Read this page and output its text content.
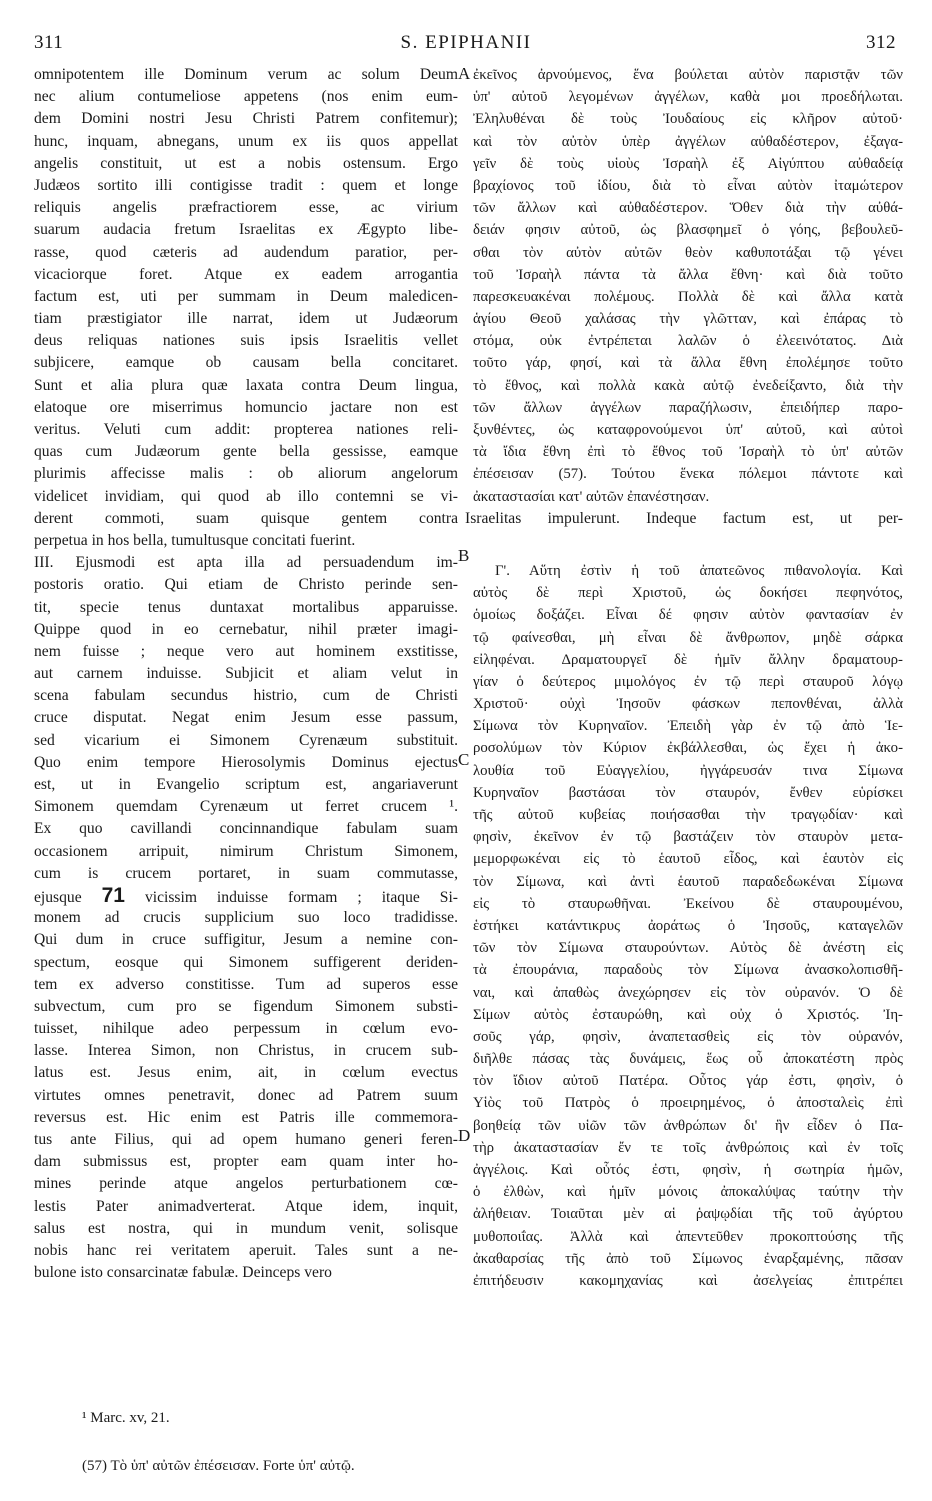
311	S. EPIPHANII	312
A
B
C
D
omnipotentem ille Dominum verum ac solum Deum
nec alium contumeliose appetens (nos enim eum-
dem Domini nostri Jesu Christi Patrem confitemur);
hunc, inquam, abnegans, unum ex iis quos appellat
angelis constituit, ut est a nobis ostensum. Ergo
Judæos sortito illi contigisse tradit : quem et longe
reliquis angelis præfractiorem esse, ac virium
suarum audacia fretum Israelitas ex Ægypto libe-
rasse, quod cæteris ad audendum paratior, per-
vicaciorque foret. Atque ex eadem arrogantia
factum est, uti per summam in Deum maledicen-
tiam præstigiator ille narrat, idem ut Judæorum
deus reliquas nationes suis ipsis Israelitis vellet
subjicere, eamque ob causam bella concitaret.
Sunt et alia plura quæ laxata contra Deum lingua,
elatoque ore miserrimus homuncio jactare non est
veritus. Veluti cum addit: propterea nationes reli-
quas cum Judæorum gente bella gessisse, eamque
plurimis affecisse malis : ob aliorum angelorum
videlicet invidiam, qui quod ab illo contemni se vi-
derent commoti, suam quisque gentem contra
perpetua in hos bella, tumultusque concitati fuerint.
III. Ejusmodi est apta illa ad persuadendum im-
postoris oratio. Qui etiam de Christo perinde sen-
tit, specie tenus duntaxat mortalibus apparuisse.
Quippe quod in eo cernebatur, nihil præter imagi-
nem fuisse ; neque vero aut hominem exstitisse,
aut carnem induisse. Subjicit et aliam velut in
scena fabulam secundus histrio, cum de Christi
cruce disputat. Negat enim Jesum esse passum,
sed vicarium ei Simonem Cyrenæum substituit.
Quo enim tempore Hierosolymis Dominus ejectus
est, ut in Evangelio scriptum est, angariaverunt
Simonem quemdam Cyrenæum ut ferret crucem ¹.
Ex quo cavillandi concinnandique fabulam suam
occasionem arripuit, nimirum Christum Simonem,
cum is crucem portaret, in suam commutasse,
ejusque 71 vicissim induisse formam ; itaque Si-
monem ad crucis supplicium suo loco tradidisse.
Qui dum in cruce suffigitur, Jesum a nemine con-
spectum, eosque qui Simonem suffigerent deriden-
tem ex adverso constitisse. Tum ad superos esse
subvectum, cum pro se figendum Simonem substi-
tuisset, nihilque adeo perpessum in cœlum evo-
lasse. Interea Simon, non Christus, in crucem sub-
latus est. Jesus enim, ait, in cœlum evectus
virtutes omnes penetravit, donec ad Patrem suum
reversus est. Hic enim est Patris ille commemora-
tus ante Filius, qui ad opem humano generi feren-
dam submissus est, propter eam quam inter ho-
mines perinde atque angelos perturbationem cœ-
lestis Pater animadverterat. Atque idem, inquit,
salus est nostra, qui in mundum venit, solisque
nobis hanc rei veritatem aperuit. Tales sunt a ne-
bulone isto consarcinatæ fabulæ. Deinceps vero
ἐκεῖνος ἀρνούμενος, ἕνα βούλεται αὐτὸν παριστᾷν τῶν
ὑπ' αὐτοῦ λεγομένων ἀγγέλων, καθὰ μοι προεδήλωται.
Ἐληλυθέναι δὲ τοὺς Ἰουδαίους εἰς κλῆρον αὐτοῦ·
καὶ τὸν αὐτὸν ὑπὲρ ἀγγέλων αὐθαδέστερον, ἐξαγα-
γεῖν δὲ τοὺς υἱοὺς Ἰσραὴλ ἐξ Αἰγύπτου αὐθαδείᾳ
βραχίονος τοῦ ἰδίου, διὰ τὸ εἶναι αὐτὸν ἰταμώτερον
τῶν ἄλλων καὶ αὐθαδέστερον. Ὅθεν διὰ τὴν αὐθά-
δειάν φησιν αὐτοῦ, ὡς βλασφημεῖ ὁ γόης, βεβουλεῦ-
σθαι τὸν αὐτὸν αὐτῶν θεὸν καθυποτάξαι τῷ γένει
τοῦ Ἰσραὴλ πάντα τὰ ἄλλα ἔθνη· καὶ διὰ τοῦτο
παρεσκευακέναι πολέμους. Πολλὰ δὲ καὶ ἄλλα κατὰ
ἁγίου Θεοῦ χαλάσας τὴν γλῶτταν, καὶ ἐπάρας τὸ
στόμα, οὐκ ἐντρέπεται λαλῶν ὁ ἐλεεινότατος. Διὰ
τοῦτο γάρ, φησί, καὶ τὰ ἄλλα ἔθνη ἐπολέμησε τοῦτο
τὸ ἔθνος, καὶ πολλὰ κακὰ αὐτῷ ἐνεδείξαντο, διὰ τὴν
τῶν ἄλλων ἀγγέλων παραζήλωσιν, ἐπειδήπερ παρο-
ξυνθέντες, ὡς καταφρονούμενοι ὑπ' αὐτοῦ, καὶ αὐτοὶ
τὰ ἴδια ἔθνη ἐπὶ τὸ ἔθνος τοῦ Ἰσραὴλ τὸ ὑπ' αὐτῶν
ἐπέσεισαν (57). Τούτου ἕνεκα πόλεμοι πάντοτε καὶ
ἀκαταστασίαι κατ' αὐτῶν ἐπανέστησαν.
Israelitas impulerunt. Indeque factum est, ut per-
Γ'. Αὕτη ἐστὶν ἡ τοῦ ἀπατεῶνος πιθανολογία. Καὶ
αὐτὸς δὲ περὶ Χριστοῦ, ὡς δοκήσει πεφηνότος,
ὁμοίως δοξάζει. Εἶναι δέ φησιν αὐτὸν φαντασίαν ἐν
τῷ φαίνεσθαι, μὴ εἶναι δὲ ἄνθρωπον, μηδὲ σάρκα
εἰληφέναι. Δραματουργεῖ δὲ ἡμῖν ἄλλην δραματουρ-
γίαν ὁ δεύτερος μιμολόγος ἐν τῷ περὶ σταυροῦ λόγῳ
Χριστοῦ· οὐχὶ Ἰησοῦν φάσκων πεπονθέναι, ἀλλὰ
Σίμωνα τὸν Κυρηναῖον. Ἐπειδὴ γὰρ ἐν τῷ ἀπὸ Ἱε-
ροσολύμων τὸν Κύριον ἐκβάλλεσθαι, ὡς ἔχει ἡ ἀκο-
λουθία τοῦ Εὐαγγελίου, ἠγγάρευσάν τινα Σίμωνα
Κυρηναῖον βαστάσαι τὸν σταυρόν, ἔνθεν εὑρίσκει
τῆς αὐτοῦ κυβείας ποιήσασθαι τὴν τραγῳδίαν· καὶ
φησὶν, ἐκεῖνον ἐν τῷ βαστάζειν τὸν σταυρὸν μετα-
μεμορφωκέναι εἰς τὸ ἑαυτοῦ εἶδος, καὶ ἑαυτὸν εἰς
τὸν Σίμωνα, καὶ ἀντὶ ἑαυτοῦ παραδεδωκέναι Σίμωνα
εἰς τὸ σταυρωθῆναι. Ἐκείνου δὲ σταυρουμένου,
ἑστήκει κατάντικρυς ἀοράτως ὁ Ἰησοῦς, καταγελῶν
τῶν τὸν Σίμωνα σταυρούντων. Αὐτὸς δὲ ἀνέστη εἰς
τὰ ἐπουράνια, παραδοὺς τὸν Σίμωνα ἀνασκολοπισθῆ-
ναι, καὶ ἀπαθὼς ἀνεχώρησεν εἰς τὸν οὐρανόν. Ὁ δὲ
Σίμων αὐτὸς ἐσταυρώθη, καὶ οὐχ ὁ Χριστός. Ἰη-
σοῦς γάρ, φησὶν, ἀναπετασθεὶς εἰς τὸν οὐρανόν,
διῆλθε πάσας τὰς δυνάμεις, ἕως οὗ ἀποκατέστη πρὸς
τὸν ἴδιον αὐτοῦ Πατέρα. Οὗτος γάρ ἐστι, φησὶν, ὁ
Υἱὸς τοῦ Πατρὸς ὁ προειρημένος, ὁ ἀποσταλεὶς ἐπὶ
βοηθείᾳ τῶν υἱῶν τῶν ἀνθρώπων δι' ἣν εἶδεν ὁ Πα-
τὴρ ἀκαταστασίαν ἔν τε τοῖς ἀνθρώποις καὶ ἐν τοῖς
ἀγγέλοις. Καὶ οὗτός ἐστι, φησὶν, ἡ σωτηρία ἡμῶν,
ὁ ἐλθὼν, καὶ ἡμῖν μόνοις ἀποκαλύψας ταύτην τὴν
ἀλήθειαν. Τοιαῦται μὲν αἱ ῥαψῳδίαι τῆς τοῦ ἀγύρτου
μυθοποιΐας. Ἀλλὰ καὶ ἀπεντεῦθεν προκοπτούσης τῆς
ἀκαθαρσίας τῆς ἀπὸ τοῦ Σίμωνος ἐναρξαμένης, πᾶσαν
ἐπιτήδευσιν κακομηχανίας καὶ ἀσελγείας ἐπιτρέπει
¹ Marc. xv, 21.
(57) Τὸ ὑπ' αὐτῶν ἐπέσεισαν. Forte ὑπ' αὐτῷ.
